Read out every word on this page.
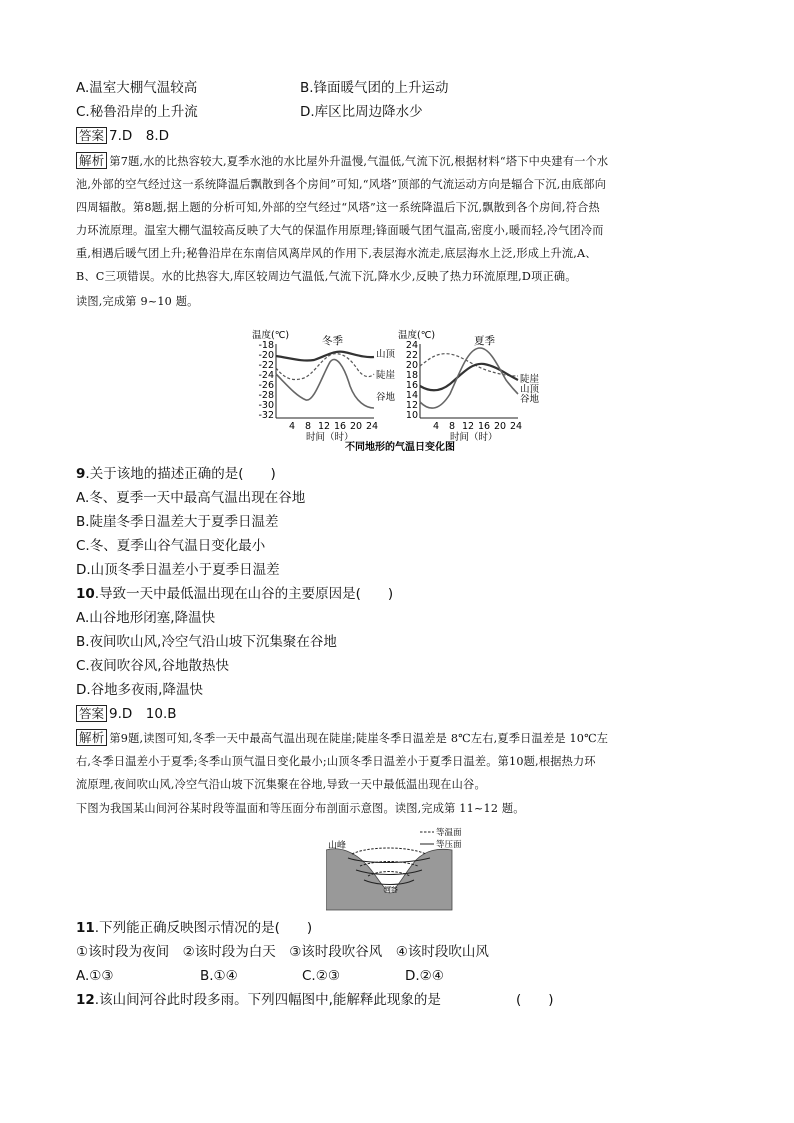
A.温室大棚气温较高	B.锋面暖气团的上升运动
C.秘鲁沿岸的上升流	D.库区比周边降水少
答案 7.D　8.D
解析 第7题,水的比热容较大,夏季水池的水比屋外升温慢,气温低,气流下沉,根据材料“塔下中央建有一个水
池,外部的空气经过这一系统降温后飘散到各个房间”可知,“风塔”顶部的气流运动方向是辐合下沉,由底部向
四周辐散。第8题,据上题的分析可知,外部的空气经过“风塔”这一系统降温后下沉,飘散到各个房间,符合热
力环流原理。温室大棚气温较高反映了大气的保温作用原理;锋面暖气团气温高,密度小,暖而轻,冷气团冷而
重,相遇后暖气团上升;秘鲁沿岸在东南信风离岸风的作用下,表层海水流走,底层海水上泛,形成上升流,A、
B、C三项错误。水的比热容大,库区较周边气温低,气流下沉,降水少,反映了热力环流原理,D项正确。
读图,完成第 9~10 题。
温度(℃)	冬季
-18
-20
-22
-24
-26
-28
-30
-32
4 8 12 16 20 24
时间（时）
山顶
陡崖
谷地
温度(℃)	夏季
24
22
20
18
16
14
12
10
4 8 12 16 20 24
时间（时）
陡崖
山顶
谷地
不同地形的气温日变化图
9.关于该地的描述正确的是(　　)
A.冬、夏季一天中最高气温出现在谷地
B.陡崖冬季日温差大于夏季日温差
C.冬、夏季山谷气温日变化最小
D.山顶冬季日温差小于夏季日温差
10.导致一天中最低温出现在山谷的主要原因是(　　)
A.山谷地形闭塞,降温快
B.夜间吹山风,冷空气沿山坡下沉集聚在谷地
C.夜间吹谷风,谷地散热快
D.谷地多夜雨,降温快
答案 9.D　10.B
解析 第9题,读图可知,冬季一天中最高气温出现在陡崖;陡崖冬季日温差是 8℃左右,夏季日温差是 10℃左
右,冬季日温差小于夏季;冬季山顶气温日变化最小;山顶冬季日温差小于夏季日温差。第10题,根据热力环
流原理,夜间吹山风,冷空气沿山坡下沉集聚在谷地,导致一天中最低温出现在山谷。
下图为我国某山间河谷某时段等温面和等压面分布剖面示意图。读图,完成第 11~12 题。
山峰
河谷
等温面
等压面
11.下列能正确反映图示情况的是(　　)
①该时段为夜间　②该时段为白天　③该时段吹谷风　④该时段吹山风
A.①③	B.①④	C.②③	D.②④
12.该山间河谷此时段多雨。下列四幅图中,能解释此现象的是	(　　)
